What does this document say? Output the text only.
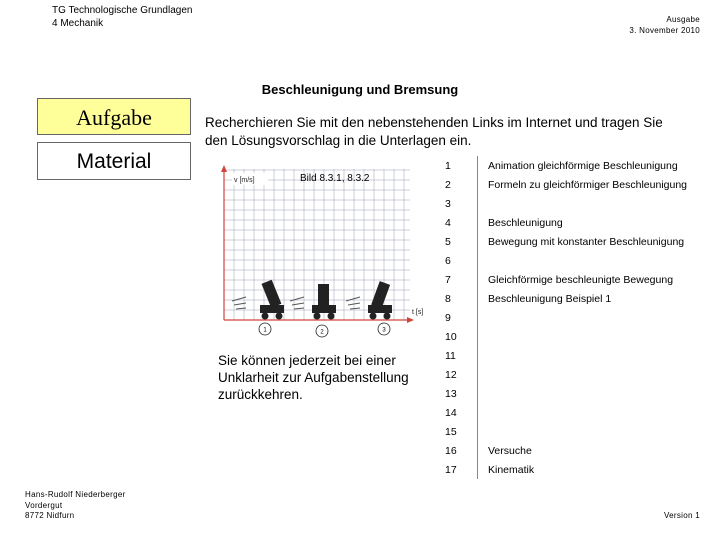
TG Technologische Grundlagen
4 Mechanik	Ausgabe
3. November 2010
Beschleunigung und Bremsung
Aufgabe
Material
Recherchieren Sie mit den nebenstehenden Links im Internet und tragen Sie den Lösungsvorschlag in die Unterlagen ein.
v [m/s]
t [s]
1	2	3
Bild 8.3.1, 8.3.2
Sie können jederzeit bei einer Unklarheit zur Aufgabenstellung zurückkehren.
1	Animation gleichförmige Beschleunigung
2	Formeln zu gleichförmiger Beschleunigung
3	
4	Beschleunigung
5	Bewegung mit konstanter Beschleunigung
6	
7	Gleichförmige beschleunigte Bewegung
8	Beschleunigung Beispiel 1
9	
10	
11	
12	
13	
14	
15	
16	Versuche
17	Kinematik
Hans-Rudolf Niederberger
Vordergut
8772 Nidfurn	Version 1
